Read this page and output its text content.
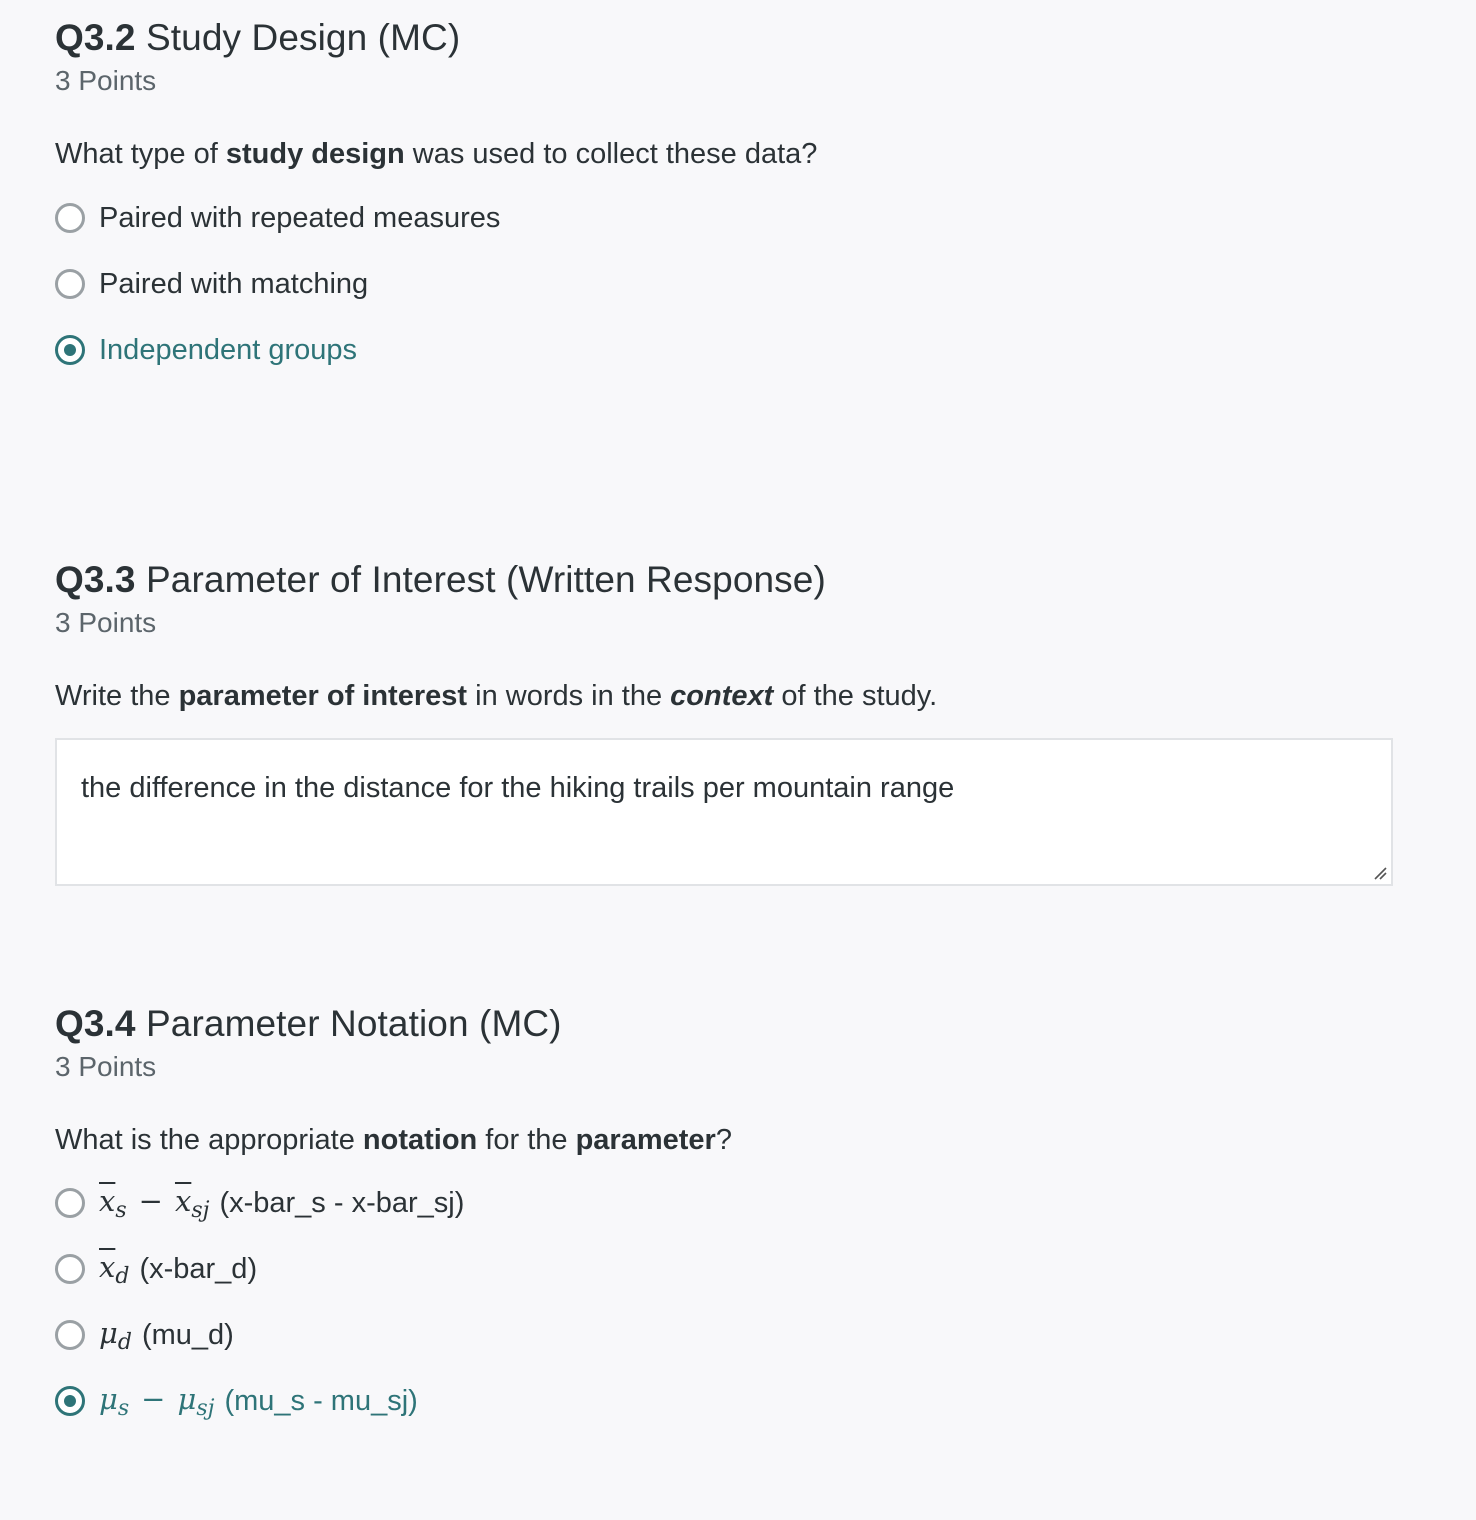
Q3.2 Study Design (MC)
3 Points
What type of study design was used to collect these data?
Paired with repeated measures
Paired with matching
Independent groups
Q3.3 Parameter of Interest (Written Response)
3 Points
Write the parameter of interest in words in the context of the study.
the difference in the distance for the hiking trails per mountain range
Q3.4 Parameter Notation (MC)
3 Points
What is the appropriate notation for the parameter?
$\overline{x}_s - \overline{x}_{sj}$ (x-bar_s - x-bar_sj)
$\overline{x}_d$ (x-bar_d)
$\mu_d$ (mu_d)
$\mu_s - \mu_{sj}$ (mu_s - mu_sj)
